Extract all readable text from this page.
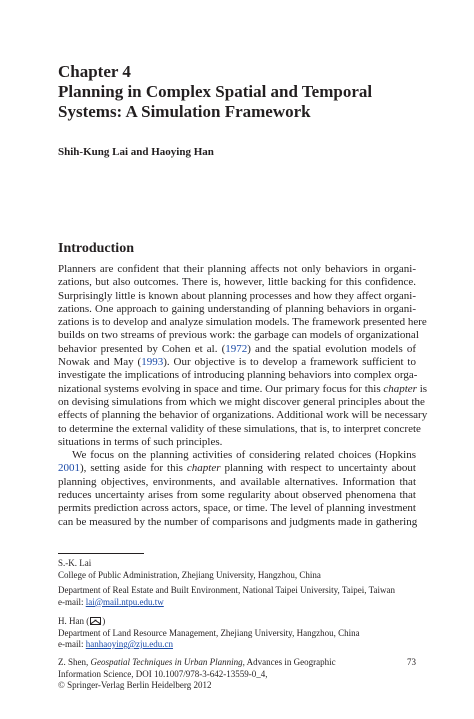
Chapter 4
Planning in Complex Spatial and Temporal
Systems: A Simulation Framework
Shih-Kung Lai and Haoying Han
Introduction

Planners are confident that their planning affects not only behaviors in organi-
zations, but also outcomes. There is, however, little backing for this confidence.
Surprisingly little is known about planning processes and how they affect organi-
zations. One approach to gaining understanding of planning behaviors in organi-
zations is to develop and analyze simulation models. The framework presented here
builds on two streams of previous work: the garbage can models of organizational
behavior presented by Cohen et al. (1972) and the spatial evolution models of
Nowak and May (1993). Our objective is to develop a framework sufficient to
investigate the implications of introducing planning behaviors into complex orga-
nizational systems evolving in space and time. Our primary focus for this chapter is
on devising simulations from which we might discover general principles about the
effects of planning the behavior of organizations. Additional work will be necessary
to determine the external validity of these simulations, that is, to interpret concrete
situations in terms of such principles.

We focus on the planning activities of considering related choices (Hopkins
2001), setting aside for this chapter planning with respect to uncertainty about
planning objectives, environments, and available alternatives. Information that
reduces uncertainty arises from some regularity about observed phenomena that
permits prediction across actors, space, or time. The level of planning investment
can be measured by the number of comparisons and judgments made in gathering

S.-K. Lai
College of Public Administration, Zhejiang University, Hangzhou, China
Department of Real Estate and Built Environment, National Taipei University, Taipei, Taiwan
e-mail: lai@mail.ntpu.edu.tw
H. Han ( )
Department of Land Resource Management, Zhejiang University, Hangzhou, China
e-mail: hanhaoying@zju.edu.cn
Z. Shen, Geospatial Techniques in Urban Planning, Advances in Geographic
Information Science, DOI 10.1007/978-3-642-13559-0_4,
© Springer-Verlag Berlin Heidelberg 2012
73
